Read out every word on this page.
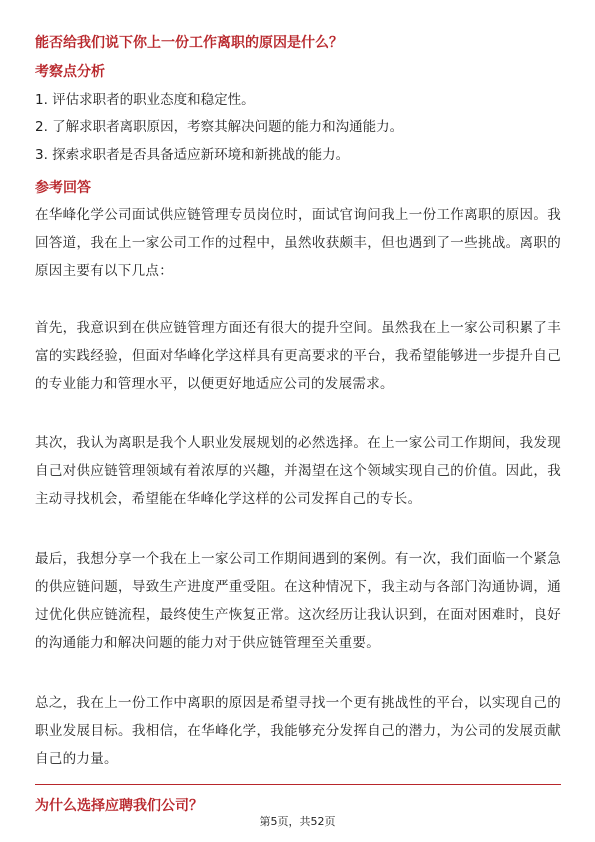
能否给我们说下你上一份工作离职的原因是什么？
考察点分析
1. 评估求职者的职业态度和稳定性。
2. 了解求职者离职原因，考察其解决问题的能力和沟通能力。
3. 探索求职者是否具备适应新环境和新挑战的能力。
参考回答
在华峰化学公司面试供应链管理专员岗位时，面试官询问我上一份工作离职的原因。我回答道，我在上一家公司工作的过程中，虽然收获颇丰，但也遇到了一些挑战。离职的原因主要有以下几点：
首先，我意识到在供应链管理方面还有很大的提升空间。虽然我在上一家公司积累了丰富的实践经验，但面对华峰化学这样具有更高要求的平台，我希望能够进一步提升自己的专业能力和管理水平，以便更好地适应公司的发展需求。
其次，我认为离职是我个人职业发展规划的必然选择。在上一家公司工作期间，我发现自己对供应链管理领域有着浓厚的兴趣，并渴望在这个领域实现自己的价值。因此，我主动寻找机会，希望能在华峰化学这样的公司发挥自己的专长。
最后，我想分享一个我在上一家公司工作期间遇到的案例。有一次，我们面临一个紧急的供应链问题，导致生产进度严重受阻。在这种情况下，我主动与各部门沟通协调，通过优化供应链流程，最终使生产恢复正常。这次经历让我认识到，在面对困难时，良好的沟通能力和解决问题的能力对于供应链管理至关重要。
总之，我在上一份工作中离职的原因是希望寻找一个更有挑战性的平台，以实现自己的职业发展目标。我相信，在华峰化学，我能够充分发挥自己的潜力，为公司的发展贡献自己的力量。
为什么选择应聘我们公司？
第5页，共52页
